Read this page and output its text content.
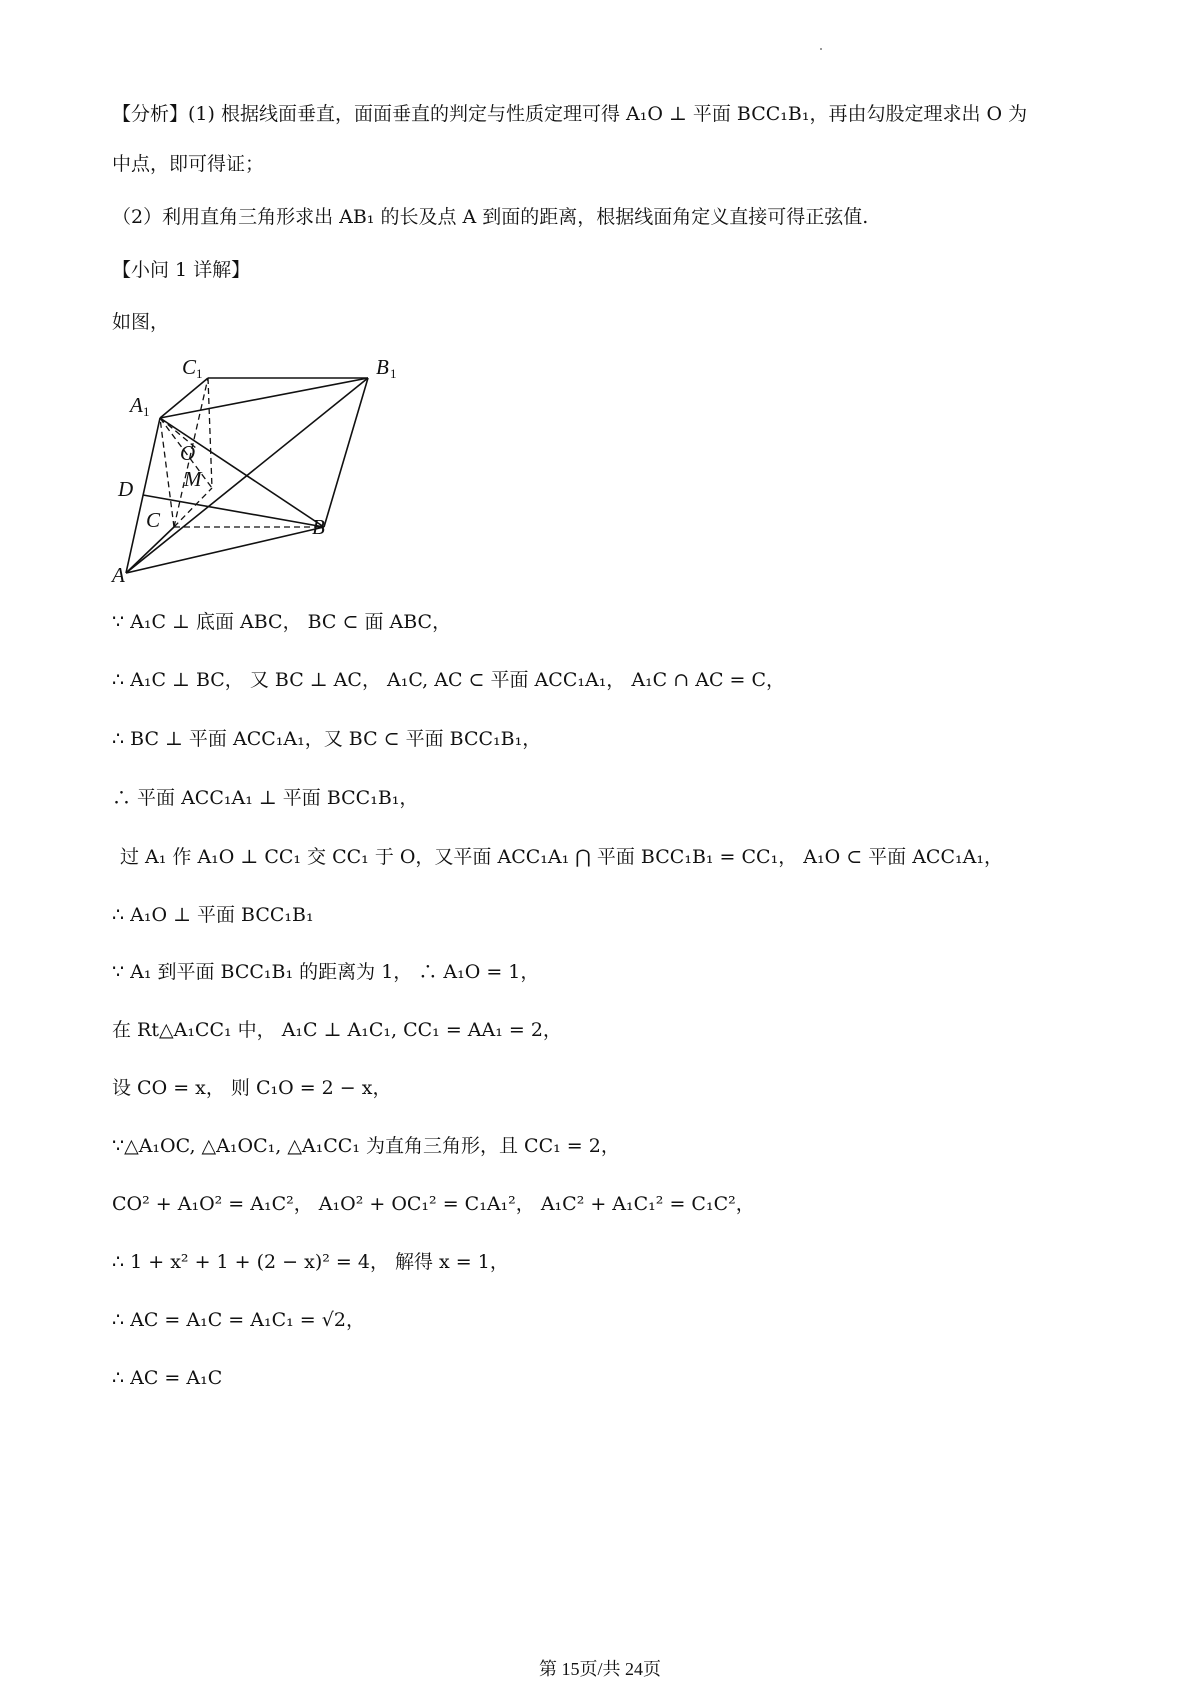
【分析】(1) 根据线面垂直，面面垂直的判定与性质定理可得 A₁O ⊥ 平面 BCC₁B₁，再由勾股定理求出 O 为
中点，即可得证；
（2）利用直角三角形求出 AB₁ 的长及点 A 到面的距离，根据线面角定义直接可得正弦值.
【小问 1 详解】
如图，
C 1	B 1
A 1
O
M
D
C	B
A
∵ A₁C ⊥ 底面 ABC， BC ⊂ 面 ABC，
∴ A₁C ⊥ BC， 又 BC ⊥ AC， A₁C, AC ⊂ 平面 ACC₁A₁， A₁C ∩ AC = C，
∴ BC ⊥ 平面 ACC₁A₁，又 BC ⊂ 平面 BCC₁B₁，
∴ 平面 ACC₁A₁ ⊥ 平面 BCC₁B₁，
过 A₁ 作 A₁O ⊥ CC₁ 交 CC₁ 于 O，又平面 ACC₁A₁ ⋂ 平面 BCC₁B₁ = CC₁， A₁O ⊂ 平面 ACC₁A₁，
∴ A₁O ⊥ 平面 BCC₁B₁
∵ A₁ 到平面 BCC₁B₁ 的距离为 1， ∴ A₁O = 1，
在 Rt△A₁CC₁ 中， A₁C ⊥ A₁C₁, CC₁ = AA₁ = 2，
设 CO = x， 则 C₁O = 2 − x，
∵△A₁OC, △A₁OC₁, △A₁CC₁ 为直角三角形，且 CC₁ = 2，
CO² + A₁O² = A₁C²， A₁O² + OC₁² = C₁A₁²， A₁C² + A₁C₁² = C₁C²，
∴ 1 + x² + 1 + (2 − x)² = 4， 解得 x = 1，
∴ AC = A₁C = A₁C₁ = √2，
∴ AC = A₁C
第 15页/共 24页
